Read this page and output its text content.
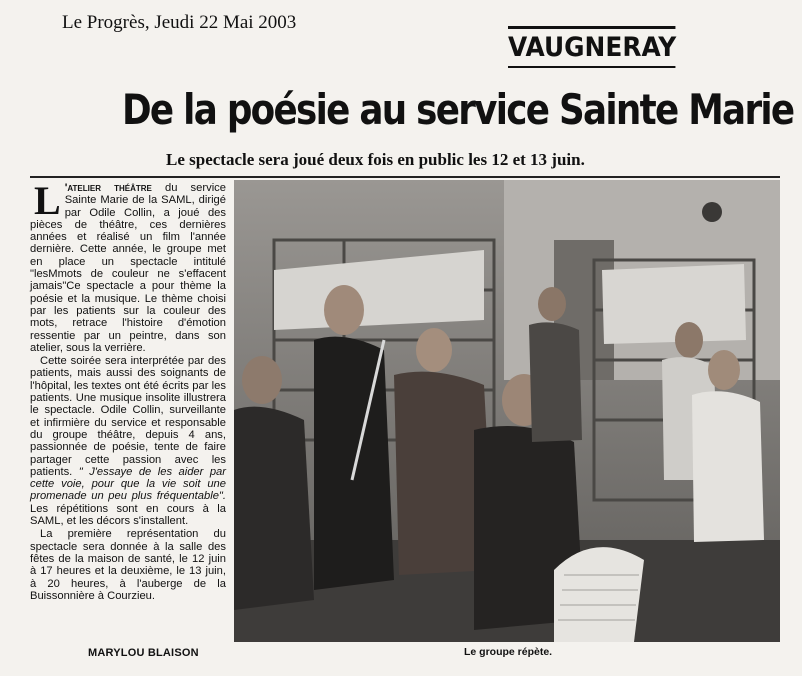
Le Progrès, Jeudi 22 Mai 2003
VAUGNERAY
De la poésie au service Sainte Marie
Le spectacle sera joué deux fois en public les 12 et 13 juin.

L 'atelier théâtre du service Sainte Marie de la SAML, dirigé par Odile Collin, a joué des pièces de théâtre, ces dernières années et réalisé un film l'année dernière. Cette année, le groupe met en place un spectacle intitulé "lesMmots de couleur ne s'effacent jamais"Ce spectacle a pour thème la poésie et la musique. Le thème choisi par les patients sur la couleur des mots, retrace l'histoire d'émotion ressentie par un peintre, dans son atelier, sous la verrière.

Cette soirée sera interprétée par des patients, mais aussi des soignants de l'hôpital, les textes ont été écrits par les patients. Une musique insolite illustrera le spectacle. Odile Collin, surveillante et infirmière du service et responsable du groupe théâtre, depuis 4 ans, passionnée de poésie, tente de faire partager cette passion avec les patients. " J'essaye de les aider par cette voie, pour que la vie soit une promenade un peu plus fréquentable". Les répétitions sont en cours à la SAML, et les décors s'installent.

La première représentation du spectacle sera donnée à la salle des fêtes de la maison de santé, le 12 juin à 17 heures et la deuxième, le 13 juin, à 20 heures, à l'auberge de la Buissonnière à Courzieu.

MARYLOU BLAISON	Le groupe répète.
